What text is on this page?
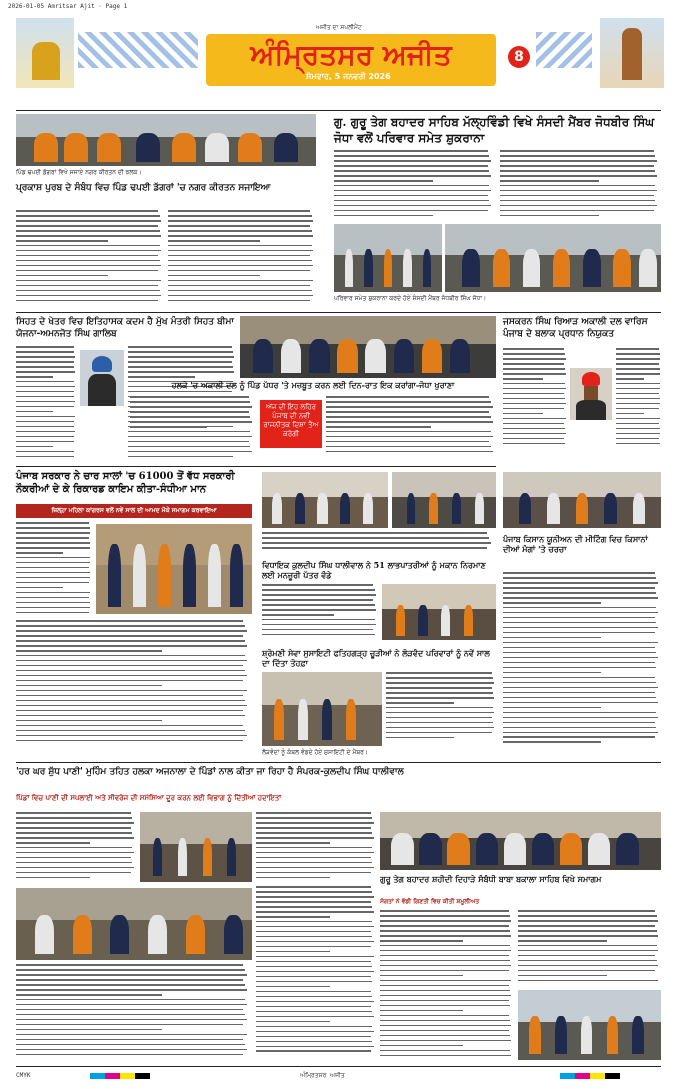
2026-01-05 Amritsar Ajit · Page 1
ਅੰਮ੍ਰਿਤਸਰ ਅਜੀਤ
ਅਜੀਤ ਦਾ ਸਪਲੀਮੈਂਟ
ਸੋਮਵਾਰ, 5 ਜਨਵਰੀ 2026
8
ਪਿੰਡ ਢਪਈ ਡੱਗਰਾਂ ਵਿਖੇ ਸਜਾਏ ਨਗਰ ਕੀਰਤਨ ਦੀ ਝਲਕ।
ਗੁ. ਗੁਰੂ ਤੇਗ ਬਹਾਦਰ ਸਾਹਿਬ ਮੱਲ੍ਹਵਿੰਡੀ ਵਿਖੇ ਸੰਸਦੀ ਮੈਂਬਰ ਜੋਧਬੀਰ ਸਿੰਘ ਜੋਧਾ ਵਲੋਂ ਪਰਿਵਾਰ ਸਮੇਤ ਸ਼ੁਕਰਾਨਾ
ਪ੍ਰਕਾਸ਼ ਪੁਰਬ ਦੇ ਸੰਬੰਧ ਵਿਚ ਪਿੰਡ ਢਪਈ ਡੱਗਰਾਂ 'ਚ ਨਗਰ ਕੀਰਤਨ ਸਜਾਇਆ
ਪਰਿਵਾਰ ਸਮੇਤ ਸ਼ੁਕਰਾਨਾ ਕਰਦੇ ਹੋਏ ਸੰਸਦੀ ਮੈਂਬਰ ਜੋਧਬੀਰ ਸਿੰਘ ਜੋਧਾ।
ਸਿਹਤ ਦੇ ਖੇਤਰ ਵਿਚ ਇਤਿਹਾਸਕ ਕਦਮ ਹੈ ਮੁੱਖ ਮੰਤਰੀ ਸਿਹਤ ਬੀਮਾ ਯੋਜਨਾ-ਅਮਨਜੋਤ ਸਿੰਘ ਗਾਲਿਬ
ਜਸਕਰਨ ਸਿੰਘ ਰਿਆੜ ਅਕਾਲੀ ਦਲ ਵਾਰਿਸ ਪੰਜਾਬ ਦੇ ਬਲਾਕ ਪ੍ਰਧਾਨ ਨਿਯੁਕਤ
ਹਲਕੇ 'ਚ ਅਕਾਲੀ ਦਲ ਨੂੰ ਪਿੰਡ ਪੱਧਰ 'ਤੇ ਮਜ਼ਬੂਤ ਕਰਨ ਲਈ ਦਿਨ-ਰਾਤ ਇਕ ਕਰਾਂਗਾ-ਜੋਧਾ ਖੁਰਾਣਾ
ਅੱਜ ਦੀ ਇਹ ਲਹਿਰ ਪੰਜਾਬ ਦੀ ਨਵੀਂ ਰਾਜਨੀਤਕ ਦਿਸ਼ਾ ਤੈਅ ਕਰੇਗੀ
ਪੰਜਾਬ ਸਰਕਾਰ ਨੇ ਚਾਰ ਸਾਲਾਂ 'ਚ 61000 ਤੋਂ ਵੱਧ ਸਰਕਾਰੀ ਨੌਕਰੀਆਂ ਦੇ ਕੇ ਰਿਕਾਰਡ ਕਾਇਮ ਕੀਤਾ-ਸੰਧੀਆ ਮਾਨ
ਜ਼ਿਲ੍ਹਾ ਮਹਿਲਾ ਕਾਂਗਰਸ ਵਲੋਂ ਨਵੇਂ ਸਾਲ ਦੀ ਆਮਦ ਮੌਕੇ ਸਮਾਗਮ ਕਰਵਾਇਆ
ਵਿਧਾਇਕ ਕੁਲਦੀਪ ਸਿੰਘ ਧਾਲੀਵਾਲ ਨੇ 51 ਲਾਭਪਾਤਰੀਆਂ ਨੂੰ ਮਕਾਨ ਨਿਰਮਾਣ ਲਈ ਮਨਜ਼ੂਰੀ ਪੱਤਰ ਵੰਡੇ
ਸ਼੍ਰੋਮਣੀ ਸੇਵਾ ਸੁਸਾਇਟੀ ਫਤਿਹਗੜ੍ਹ ਚੂੜੀਆਂ ਨੇ ਲੋੜਵੰਦ ਪਰਿਵਾਰਾਂ ਨੂੰ ਨਵੇਂ ਸਾਲ ਦਾ ਦਿੱਤਾ ਤੋਹਫ਼ਾ
ਲੋੜਵੰਦਾਂ ਨੂੰ ਕੰਬਲ ਵੰਡਦੇ ਹੋਏ ਸੁਸਾਇਟੀ ਦੇ ਮੈਂਬਰ।
ਪੰਜਾਬ ਕਿਸਾਨ ਯੂਨੀਅਨ ਦੀ ਮੀਟਿੰਗ ਵਿਚ ਕਿਸਾਨਾਂ ਦੀਆਂ ਮੰਗਾਂ 'ਤੇ ਚਰਚਾ
'ਹਰ ਘਰ ਸ਼ੁੱਧ ਪਾਣੀ' ਮੁਹਿੰਮ ਤਹਿਤ ਹਲਕਾ ਅਜਨਾਲਾ ਦੇ ਪਿੰਡਾਂ ਨਾਲ ਕੀਤਾ ਜਾ ਰਿਹਾ ਹੈ ਸੰਪਰਕ-ਕੁਲਦੀਪ ਸਿੰਘ ਧਾਲੀਵਾਲ
ਪਿੰਡਾਂ ਵਿਚ ਪਾਣੀ ਦੀ ਸਪਲਾਈ ਅਤੇ ਸੀਵਰੇਜ ਦੀ ਸਮੱਸਿਆ ਦੂਰ ਕਰਨ ਲਈ ਵਿਭਾਗ ਨੂੰ ਦਿੱਤੀਆਂ ਹਦਾਇਤਾਂ
ਗੁਰੂ ਤੇਗ ਬਹਾਦਰ ਸ਼ਹੀਦੀ ਦਿਹਾੜੇ ਸੰਬੰਧੀ ਬਾਬਾ ਬਕਾਲਾ ਸਾਹਿਬ ਵਿਖੇ ਸਮਾਗਮ
ਸੰਗਤਾਂ ਨੇ ਵੱਡੀ ਗਿਣਤੀ ਵਿਚ ਕੀਤੀ ਸ਼ਮੂਲੀਅਤ
CMYK	ਅੰਮ੍ਰਿਤਸਰ ਅਜੀਤ
